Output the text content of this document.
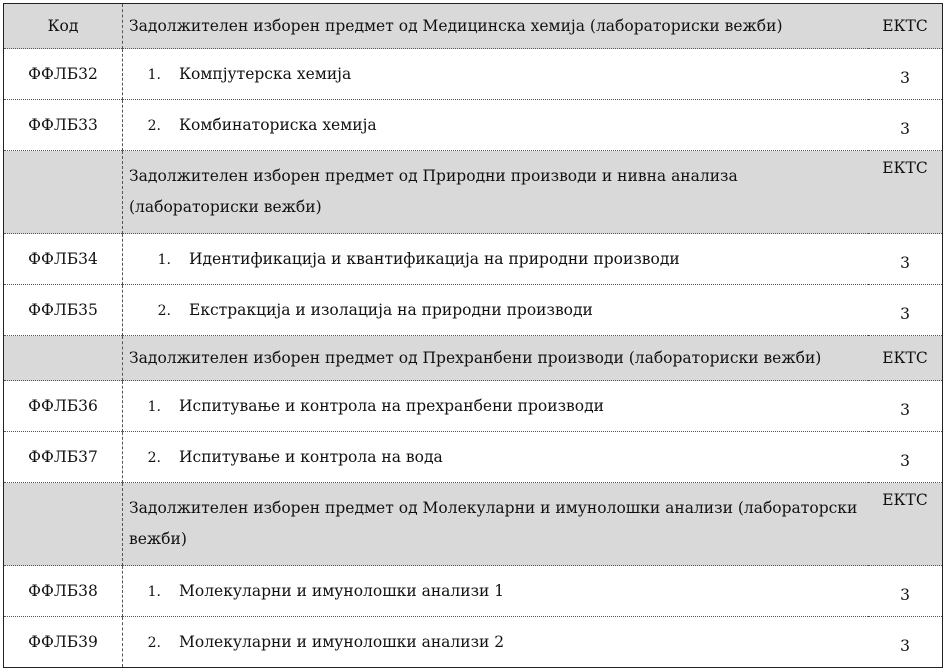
Код	Задолжителен изборен предмет од Медицинска хемија (лабораториски вежби)	ЕКТС
ФФЛБ32	1. Компјутерска хемија	3
ФФЛБ33	2. Комбинаториска хемија	3
	Задолжителен изборен предмет од Природни производи и нивна анализа (лабораториски вежби)	ЕКТС
ФФЛБ34	1. Идентификација и квантификација на природни производи	3
ФФЛБ35	2. Екстракција и изолација на природни производи	3
	Задолжителен изборен предмет од Прехранбени производи (лабораториски вежби)	ЕКТС
ФФЛБ36	1. Испитување и контрола на прехранбени производи	3
ФФЛБ37	2. Испитување и контрола на вода	3
	Задолжителен изборен предмет од Молекуларни и имунолошки анализи (лабораторски вежби)	ЕКТС
ФФЛБ38	1. Молекуларни и имунолошки анализи 1	3
ФФЛБ39	2. Молекуларни и имунолошки анализи 2	3
